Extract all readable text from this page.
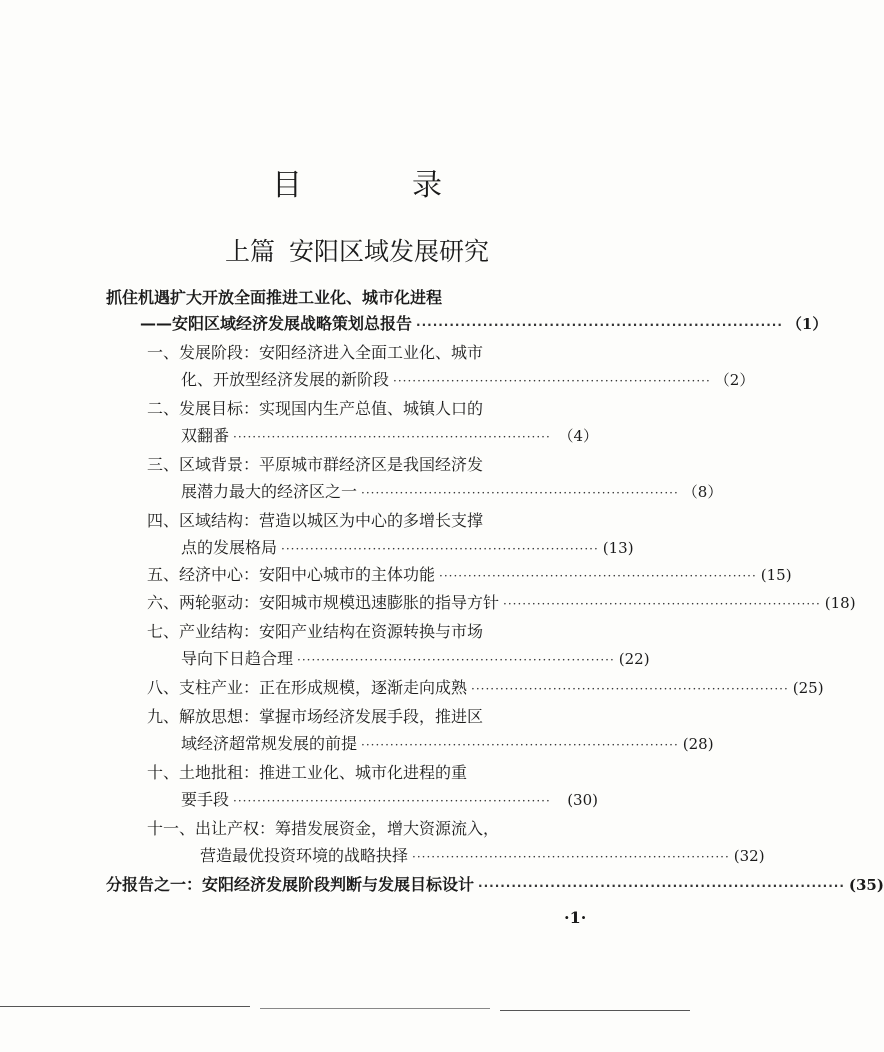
目　录
上篇 安阳区域发展研究
抓住机遇扩大开放全面推进工业化、城市化进程
——安阳区域经济发展战略策划总报告 ·································································· （1）
一、发展阶段：安阳经济进入全面工业化、城市
化、开放型经济发展的新阶段 ·································································· （2）
二、发展目标：实现国内生产总值、城镇人口的
双翻番 ·································································· （4）
三、区域背景：平原城市群经济区是我国经济发
展潜力最大的经济区之一 ·································································· （8）
四、区域结构：营造以城区为中心的多增长支撑
点的发展格局 ·································································· (13)
五、经济中心：安阳中心城市的主体功能 ·································································· (15)
六、两轮驱动：安阳城市规模迅速膨胀的指导方针 ·································································· (18)
七、产业结构：安阳产业结构在资源转换与市场
导向下日趋合理 ·································································· (22)
八、支柱产业：正在形成规模，逐渐走向成熟 ·································································· (25)
九、解放思想：掌握市场经济发展手段，推进区
域经济超常规发展的前提 ·································································· (28)
十、土地批租：推进工业化、城市化进程的重
要手段 ··································································	(30)
十一、出让产权：筹措发展资金，增大资源流入，
营造最优投资环境的战略抉择 ·································································· (32)
分报告之一：安阳经济发展阶段判断与发展目标设计 ·································································· (35)
·1·
